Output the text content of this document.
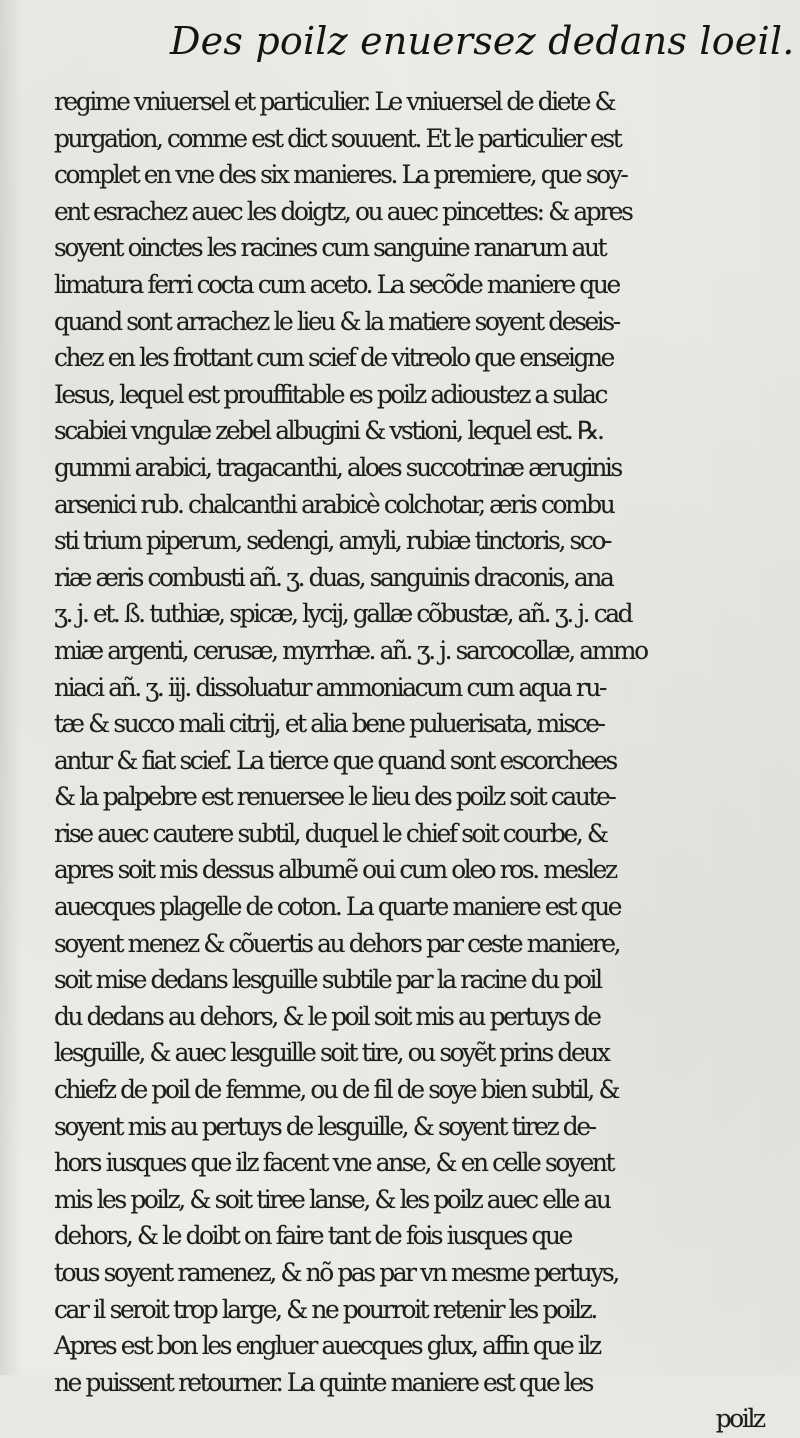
Des poilz enuersez dedans loeil.
regime vniuersel et particulier. Le vniuersel de diete &
purgation, comme est dict souuent. Et le particulier est
complet en vne des six manieres. La premiere, que soy-
ent esrachez auec les doigtz, ou auec pincettes: & apres
soyent oinctes les racines cum sanguine ranarum aut
limatura ferri cocta cum aceto. La secõde maniere que
quand sont arrachez le lieu & la matiere soyent deseis-
chez en les frottant cum scief de vitreolo que enseigne
Iesus, lequel est prouffitable es poilz adioustez a sulac
scabiei vngulæ zebel albugini & vstioni, lequel est. ℞.
gummi arabici, tragacanthi, aloes succotrinæ æruginis
arsenici rub. chalcanthi arabicè colchotar, æris combu
sti trium piperum, sedengi, amyli, rubiæ tinctoris, sco-
riæ æris combusti añ. ʒ. duas, sanguinis draconis, ana
ʒ. j. et. ß. tuthiæ, spicæ, lycij, gallæ cõbustæ, añ. ʒ. j. cad
miæ argenti, cerusæ, myrrhæ. añ. ʒ. j. sarcocollæ, ammo
niaci añ. ʒ. iij. dissoluatur ammoniacum cum aqua ru-
tæ & succo mali citrij, et alia bene puluerisata, misce-
antur & fiat scief. La tierce que quand sont escorchees
& la palpebre est renuersee le lieu des poilz soit caute-
rise auec cautere subtil, duquel le chief soit courbe, &
apres soit mis dessus albumẽ oui cum oleo ros. meslez
auecques plagelle de coton. La quarte maniere est que
soyent menez & cõuertis au dehors par ceste maniere,
soit mise dedans lesguille subtile par la racine du poil
du dedans au dehors, & le poil soit mis au pertuys de
lesguille, & auec lesguille soit tire, ou soyẽt prins deux
chiefz de poil de femme, ou de fil de soye bien subtil, &
soyent mis au pertuys de lesguille, & soyent tirez de-
hors iusques que ilz facent vne anse, & en celle soyent
mis les poilz, & soit tiree lanse, & les poilz auec elle au
dehors, & le doibt on faire tant de fois iusques que
tous soyent ramenez, & nõ pas par vn mesme pertuys,
car il seroit trop large, & ne pourroit retenir les poilz.
Apres est bon les engluer auecques glux, affin que ilz
ne puissent retourner. La quinte maniere est que les
poilz
